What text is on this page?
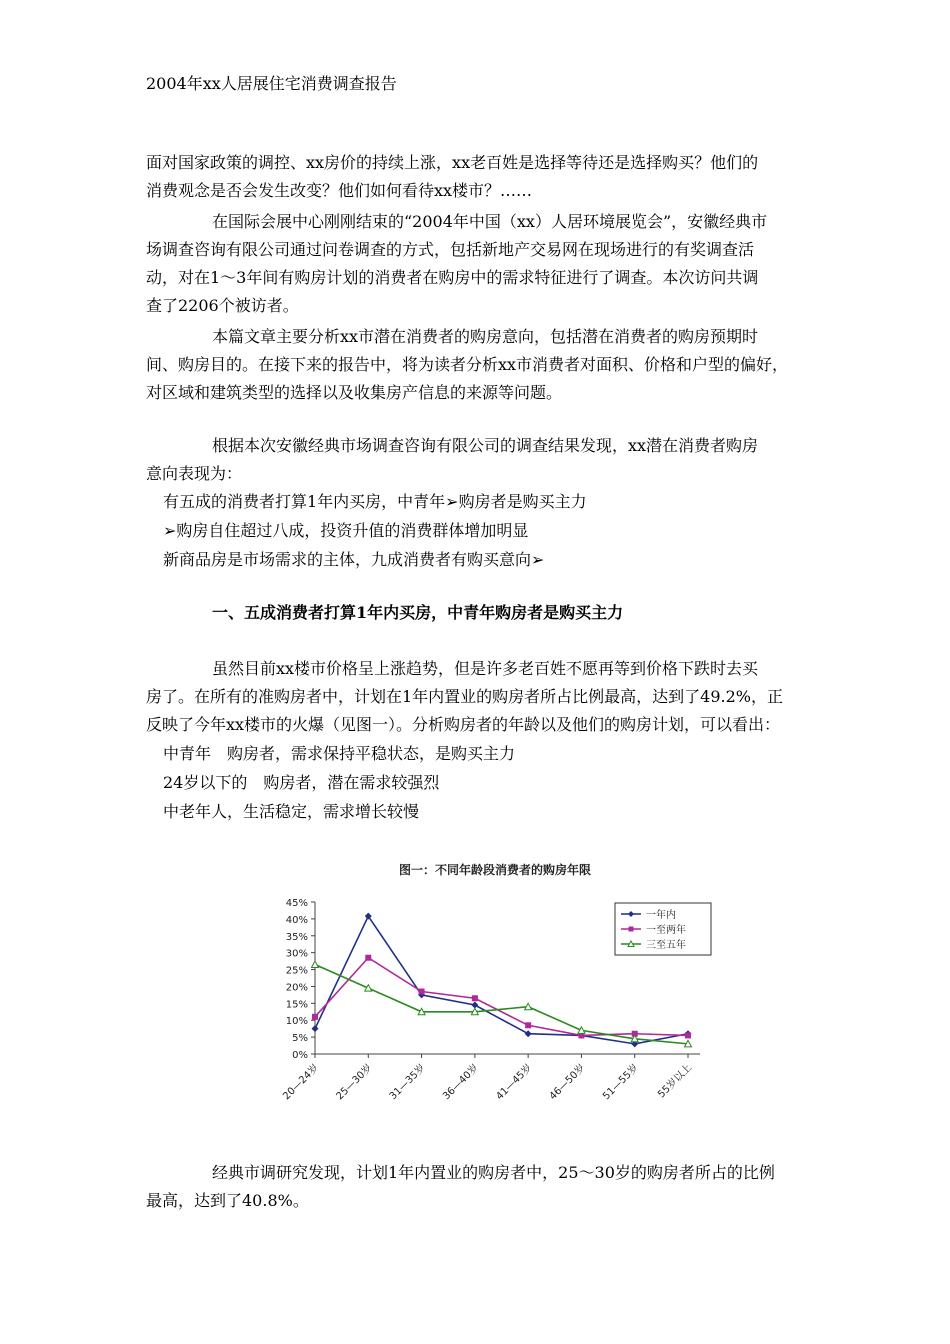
2004年xx人居展住宅消费调查报告
面对国家政策的调控、xx房价的持续上涨，xx老百姓是选择等待还是选择购买？他们的
消费观念是否会发生改变？他们如何看待xx楼市？……
在国际会展中心刚刚结束的“2004年中国（xx）人居环境展览会”，安徽经典市
场调查咨询有限公司通过问卷调查的方式，包括新地产交易网在现场进行的有奖调查活
动，对在1～3年间有购房计划的消费者在购房中的需求特征进行了调查。本次访问共调
查了2206个被访者。
本篇文章主要分析xx市潜在消费者的购房意向，包括潜在消费者的购房预期时
间、购房目的。在接下来的报告中，将为读者分析xx市消费者对面积、价格和户型的偏好，
对区域和建筑类型的选择以及收集房产信息的来源等问题。
根据本次安徽经典市场调查咨询有限公司的调查结果发现，xx潜在消费者购房
意向表现为：
有五成的消费者打算1年内买房，中青年➢购房者是购买主力
➢购房自住超过八成，投资升值的消费群体增加明显
新商品房是市场需求的主体，九成消费者有购买意向➢
一、五成消费者打算1年内买房，中青年购房者是购买主力
虽然目前xx楼市价格呈上涨趋势，但是许多老百姓不愿再等到价格下跌时去买
房了。在所有的准购房者中，计划在1年内置业的购房者所占比例最高，达到了49.2%，正
反映了今年xx楼市的火爆（见图一）。分析购房者的年龄以及他们的购房计划，可以看出：
中青年　购房者，需求保持平稳状态，是购买主力
24岁以下的　购房者，潜在需求较强烈
中老年人，生活稳定，需求增长较慢
图一：不同年龄段消费者的购房年限
0%
5%
10%
15%
20%
25%
30%
35%
40%
45%
20—24岁 25—30岁 31—35岁 36—40岁 41—45岁 46—50岁 51—55岁 55岁以上
一年内
一至两年
三至五年
经典市调研究发现，计划1年内置业的购房者中，25～30岁的购房者所占的比例
最高，达到了40.8%。
